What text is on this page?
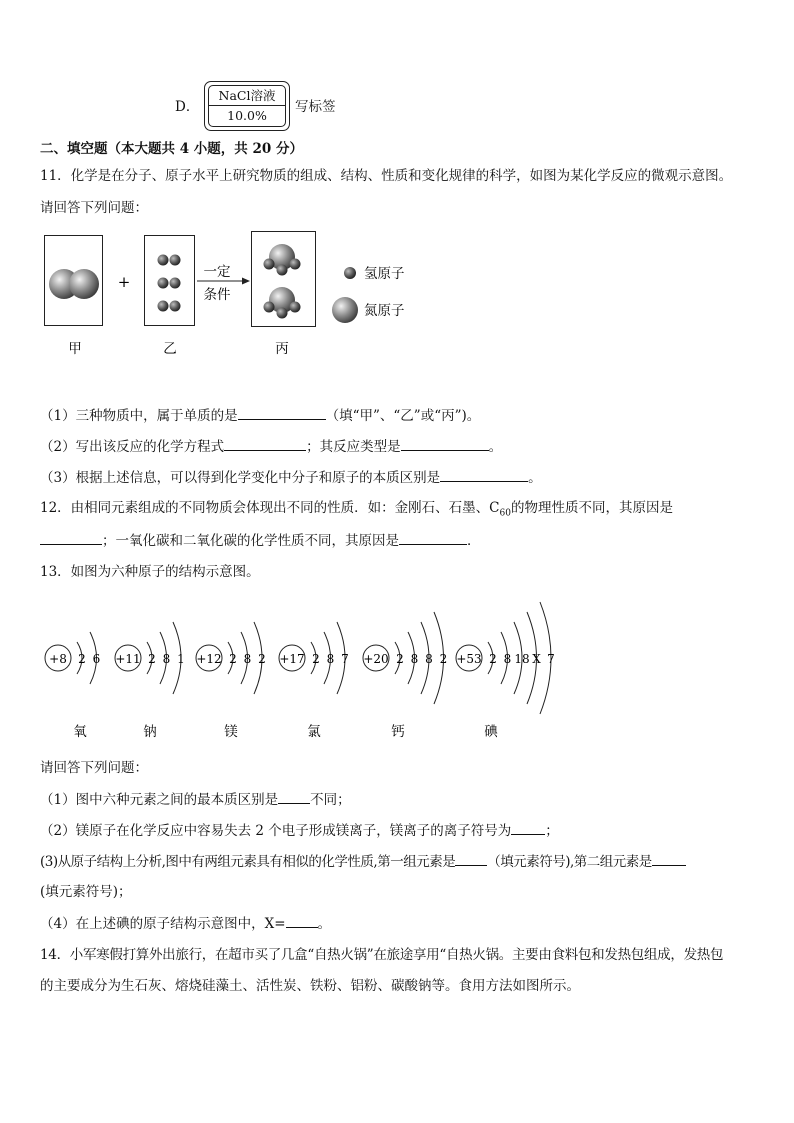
D．
NaCl溶液
10.0%
写标签
二、填空题（本大题共 4 小题，共 20 分）
11．化学是在分子、原子水平上研究物质的组成、结构、性质和变化规律的科学，如图为某化学反应的微观示意图。
请回答下列问题：
+
一定
条件
甲	乙	丙
氢原子
氮原子
（1）三种物质中，属于单质的是	（填“甲”、“乙”或“丙”)。
（2）写出该反应的化学方程式	；其反应类型是	。
（3）根据上述信息，可以得到化学变化中分子和原子的本质区别是	。
12．由相同元素组成的不同物质会体现出不同的性质．如：金刚石、石墨、$C_{60}$的物理性质不同，其原因是
；一氧化碳和二氧化碳的化学性质不同，其原因是	．
13．如图为六种原子的结构示意图。
+8 2 6
氧
+11 2 8 1
钠
+12 2 8 2
镁
+17 2 8 7
氯
+20 2 8 8 2
钙
+53 2 8 18 X 7
碘
请回答下列问题：
（1）图中六种元素之间的最本质区别是 不同；
（2）镁原子在化学反应中容易失去 2 个电子形成镁离子，镁离子的离子符号为	；
(3)从原子结构上分析,图中有两组元素具有相似的化学性质,第一组元素是 （填元素符号),第二组元素是
(填元素符号)；
（4）在上述碘的原子结构示意图中，X= 。
14．小军寒假打算外出旅行，在超市买了几盒“自热火锅”在旅途享用“自热火锅。主要由食料包和发热包组成，发热包
的主要成分为生石灰、熔烧硅藻土、活性炭、铁粉、铝粉、碳酸钠等。食用方法如图所示。
